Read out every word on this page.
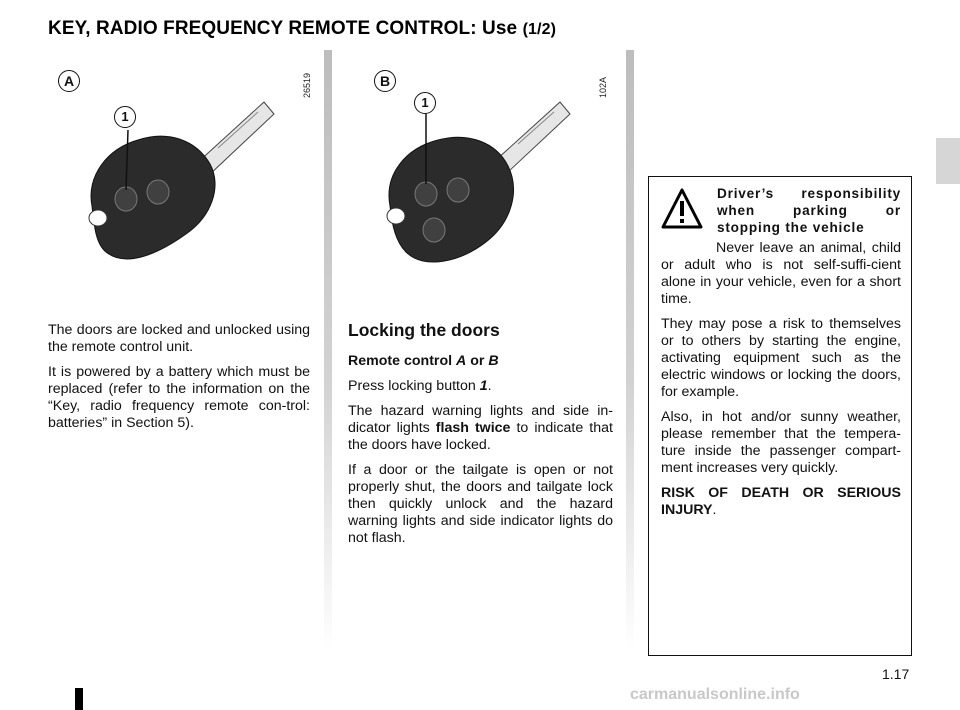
KEY, RADIO FREQUENCY REMOTE CONTROL: Use (1/2)
A	26519
1
B	102A
1

The doors are locked and unlocked using the remote control unit.

It is powered by a battery which must be replaced (refer to the information on the “Key, radio frequency remote con-trol: batteries” in Section 5).

Locking the doors

Remote control A or B

Press locking button 1.

The hazard warning lights and side in-dicator lights flash twice to indicate that the doors have locked.

If a door or the tailgate is open or not properly shut, the doors and tailgate lock then quickly unlock and the hazard warning lights and side indicator lights do not flash.

Driver’s responsibility when parking or stopping the vehicle

Never leave an animal, child or adult who is not self-suffi-cient alone in your vehicle, even for a short time.

They may pose a risk to themselves or to others by starting the engine, activating equipment such as the electric windows or locking the doors, for example.

Also, in hot and/or sunny weather, please remember that the tempera-ture inside the passenger compart-ment increases very quickly.

RISK OF DEATH OR SERIOUS INJURY.

1.17
carmanualsonline.info
